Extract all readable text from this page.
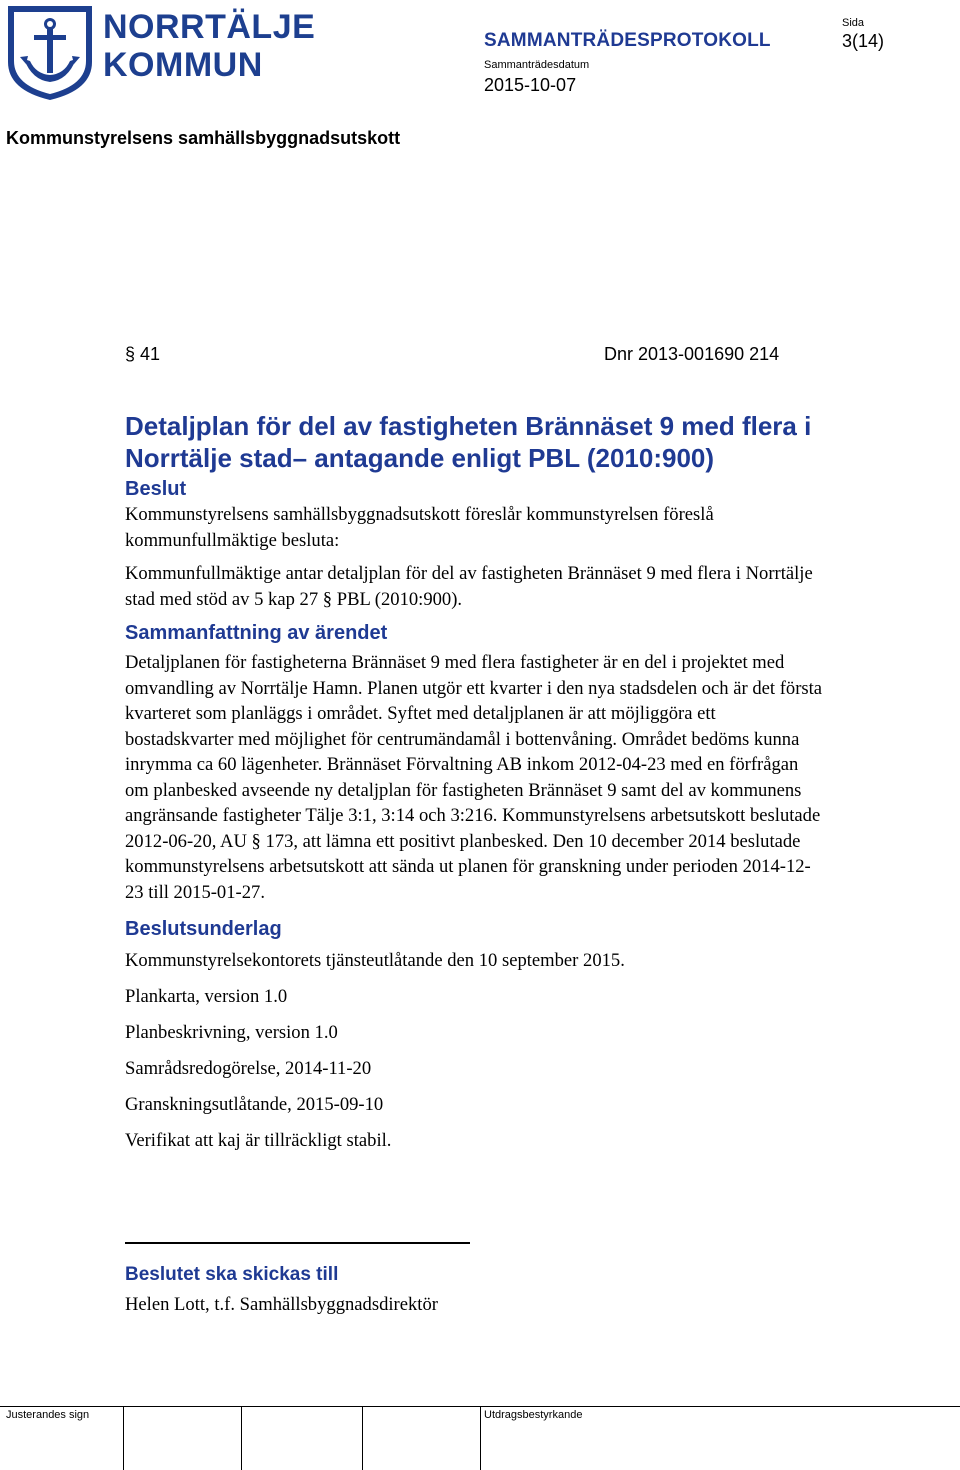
NORRTÄLJE
KOMMUN
SAMMANTRÄDESPROTOKOLL
Sammanträdesdatum
2015-10-07
Sida
3(14)
Kommunstyrelsens samhällsbyggnadsutskott
§ 41	Dnr 2013-001690 214
Detaljplan för del av fastigheten Brännäset 9 med flera i Norrtälje stad– antagande enligt PBL (2010:900)
Beslut

Kommunstyrelsens samhällsbyggnadsutskott föreslår kommunstyrelsen föreslå kommunfullmäktige besluta:

Kommunfullmäktige antar detaljplan för del av fastigheten Brännäset 9 med flera i Norrtälje stad med stöd av 5 kap 27 § PBL (2010:900).

Sammanfattning av ärendet

Detaljplanen för fastigheterna Brännäset 9 med flera fastigheter är en del i projektet med omvandling av Norrtälje Hamn. Planen utgör ett kvarter i den nya stadsdelen och är det första kvarteret som planläggs i området. Syftet med detaljplanen är att möjliggöra ett bostadskvarter med möjlighet för centrumändamål i bottenvåning. Området bedöms kunna inrymma ca 60 lägenheter. Brännäset Förvaltning AB inkom 2012-04-23 med en förfrågan om planbesked avseende ny detaljplan för fastigheten Brännäset 9 samt del av kommunens angränsande fastigheter Tälje 3:1, 3:14 och 3:216. Kommunstyrelsens arbetsutskott beslutade 2012-06-20, AU § 173, att lämna ett positivt planbesked. Den 10 december 2014 beslutade kommunstyrelsens arbetsutskott att sända ut planen för granskning under perioden 2014-12-23 till 2015-01-27.

Beslutsunderlag

Kommunstyrelsekontorets tjänsteutlåtande den 10 september 2015.

Plankarta, version 1.0

Planbeskrivning, version 1.0

Samrådsredogörelse, 2014-11-20

Granskningsutlåtande, 2015-09-10

Verifikat att kaj är tillräckligt stabil.

Beslutet ska skickas till
Helen Lott, t.f. Samhällsbyggnadsdirektör
Justerandes sign	Utdragsbestyrkande
